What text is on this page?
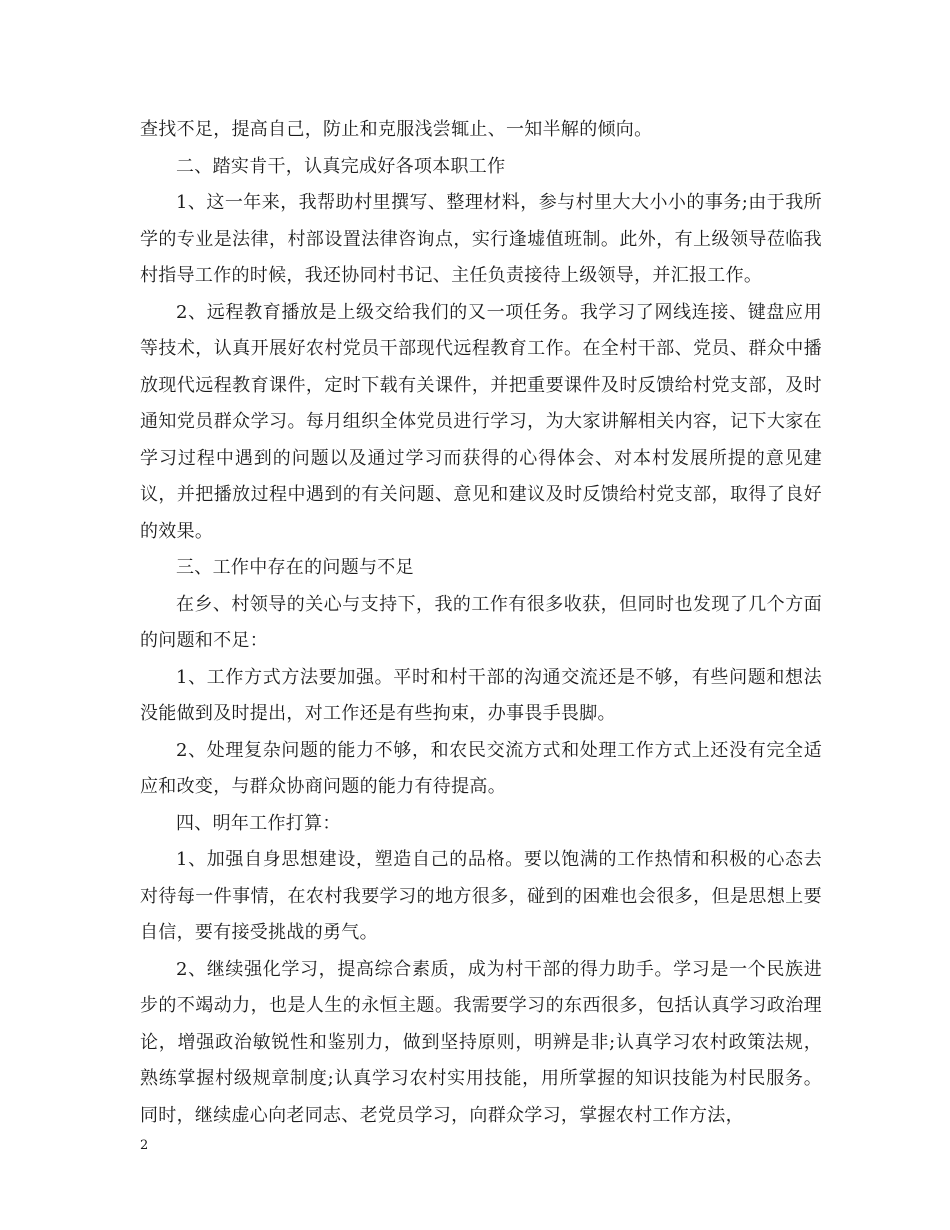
查找不足，提高自己，防止和克服浅尝辄止、一知半解的倾向。

二、踏实肯干，认真完成好各项本职工作

1、这一年来，我帮助村里撰写、整理材料，参与村里大大小小的事务;由于我所学的专业是法律，村部设置法律咨询点，实行逢墟值班制。此外，有上级领导莅临我村指导工作的时候，我还协同村书记、主任负责接待上级领导，并汇报工作。

2、远程教育播放是上级交给我们的又一项任务。我学习了网线连接、键盘应用等技术，认真开展好农村党员干部现代远程教育工作。在全村干部、党员、群众中播放现代远程教育课件，定时下载有关课件，并把重要课件及时反馈给村党支部，及时通知党员群众学习。每月组织全体党员进行学习，为大家讲解相关内容，记下大家在学习过程中遇到的问题以及通过学习而获得的心得体会、对本村发展所提的意见建议，并把播放过程中遇到的有关问题、意见和建议及时反馈给村党支部，取得了良好的效果。

三、工作中存在的问题与不足

在乡、村领导的关心与支持下，我的工作有很多收获，但同时也发现了几个方面的问题和不足：

1、工作方式方法要加强。平时和村干部的沟通交流还是不够，有些问题和想法没能做到及时提出，对工作还是有些拘束，办事畏手畏脚。

2、处理复杂问题的能力不够，和农民交流方式和处理工作方式上还没有完全适应和改变，与群众协商问题的能力有待提高。

四、明年工作打算：

1、加强自身思想建设，塑造自己的品格。要以饱满的工作热情和积极的心态去对待每一件事情，在农村我要学习的地方很多，碰到的困难也会很多，但是思想上要自信，要有接受挑战的勇气。

2、继续强化学习，提高综合素质，成为村干部的得力助手。学习是一个民族进步的不竭动力，也是人生的永恒主题。我需要学习的东西很多，包括认真学习政治理论，增强政治敏锐性和鉴别力，做到坚持原则，明辨是非;认真学习农村政策法规，熟练掌握村级规章制度;认真学习农村实用技能，用所掌握的知识技能为村民服务。同时，继续虚心向老同志、老党员学习，向群众学习，掌握农村工作方法，

2
